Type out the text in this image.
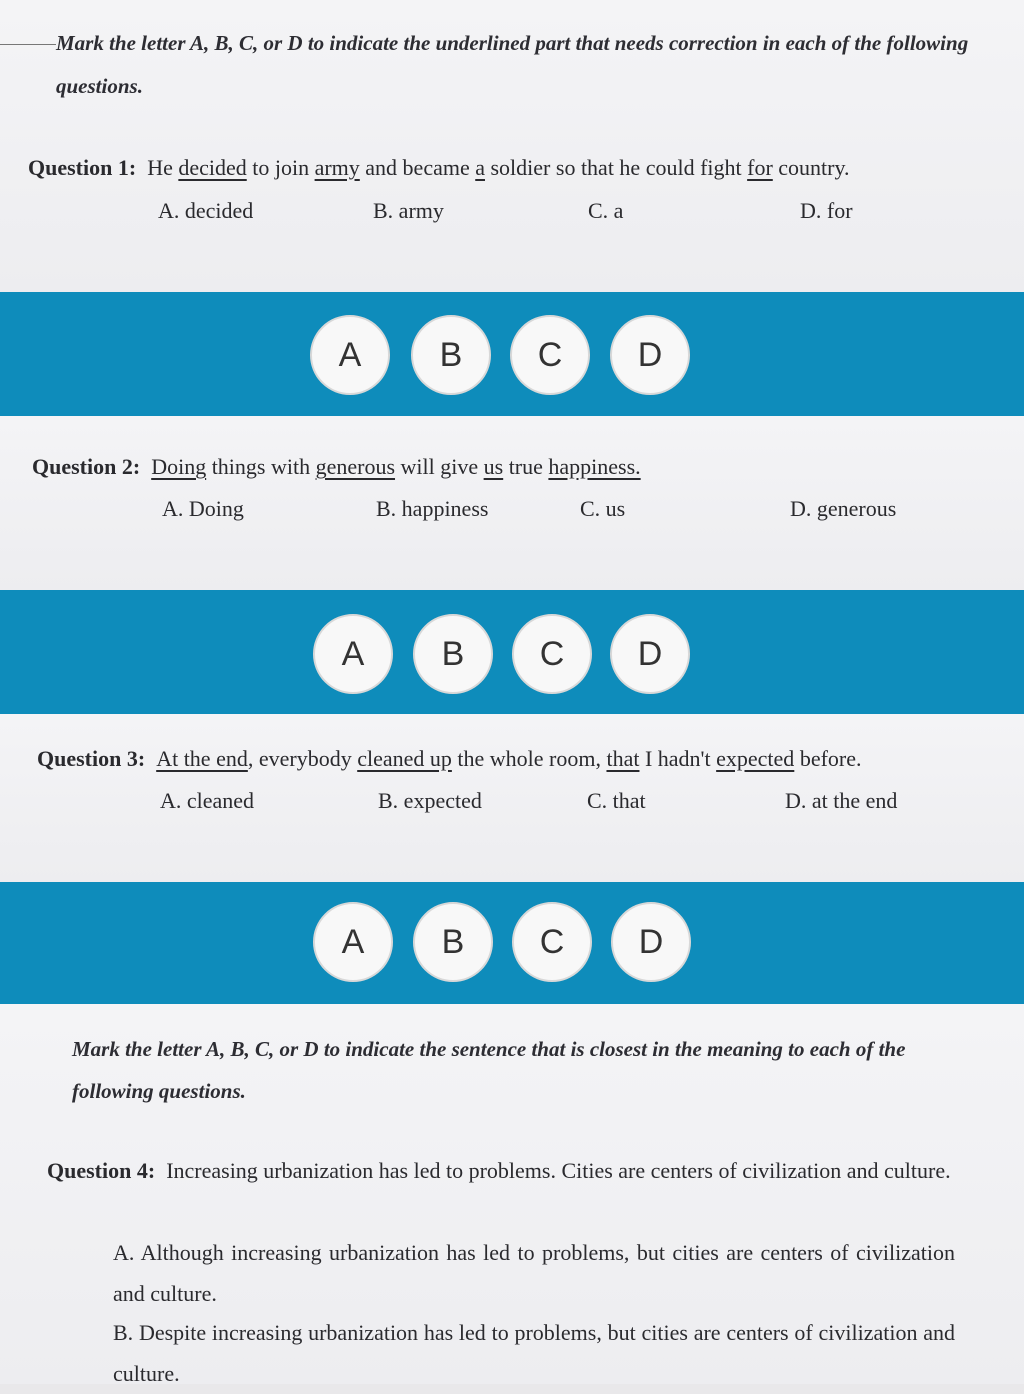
Mark the letter A, B, C, or D to indicate the underlined part that needs correction in each of the following questions.
Question 1: He decided to join army and became a soldier so that he could fight for country.
A. decided	B. army	C. a	D. for
A	B	C	D
Question 2: Doing things with generous will give us true happiness.
A. Doing	B. happiness	C. us	D. generous
A	B	C	D
Question 3: At the end, everybody cleaned up the whole room, that I hadn't expected before.
A. cleaned	B. expected	C. that	D. at the end
A	B	C	D
Mark the letter A, B, C, or D to indicate the sentence that is closest in the meaning to each of the following questions.
Question 4: Increasing urbanization has led to problems. Cities are centers of civilization and culture.
A. Although increasing urbanization has led to problems, but cities are centers of civilization and culture.
B. Despite increasing urbanization has led to problems, but cities are centers of civilization and culture.
